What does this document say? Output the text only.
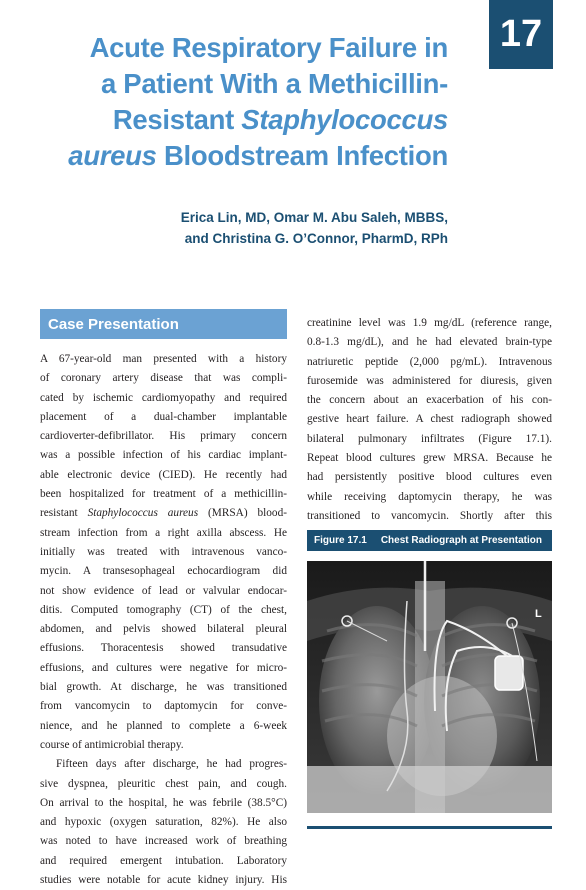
17
Acute Respiratory Failure in
a Patient With a Methicillin-
Resistant Staphylococcus
aureus Bloodstream Infection
Erica Lin, MD, Omar M. Abu Saleh, MBBS,
and Christina G. O’Connor, PharmD, RPh
Case Presentation
A 67-year-old man presented with a history
of coronary artery disease that was compli-
cated by ischemic cardiomyopathy and required
placement of a dual-chamber implantable
cardioverter-defibrillator. His primary concern
was a possible infection of his cardiac implant-
able electronic device (CIED). He recently had
been hospitalized for treatment of a methicillin-
resistant Staphylococcus aureus (MRSA) blood-
stream infection from a right axilla abscess. He
initially was treated with intravenous vanco-
mycin. A transesophageal echocardiogram did
not show evidence of lead or valvular endocar-
ditis. Computed tomography (CT) of the chest,
abdomen, and pelvis showed bilateral pleural
effusions. Thoracentesis showed transudative
effusions, and cultures were negative for micro-
bial growth. At discharge, he was transitioned
from vancomycin to daptomycin for conve-
nience, and he planned to complete a 6-week
course of antimicrobial therapy.
Fifteen days after discharge, he had progres-
sive dyspnea, pleuritic chest pain, and cough.
On arrival to the hospital, he was febrile (38.5°C)
and hypoxic (oxygen saturation, 82%). He also
was noted to have increased work of breathing
and required emergent intubation. Laboratory
studies were notable for acute kidney injury. His
creatinine level was 1.9 mg/dL (reference range,
0.8-1.3 mg/dL), and he had elevated brain-type
natriuretic peptide (2,000 pg/mL). Intravenous
furosemide was administered for diuresis, given
the concern about an exacerbation of his con-
gestive heart failure. A chest radiograph showed
bilateral pulmonary infiltrates (Figure 17.1).
Repeat blood cultures grew MRSA. Because he
had persistently positive blood cultures even
while receiving daptomycin therapy, he was
transitioned to vancomycin. Shortly after this
Figure 17.1 Chest Radiograph at Presentation
L
